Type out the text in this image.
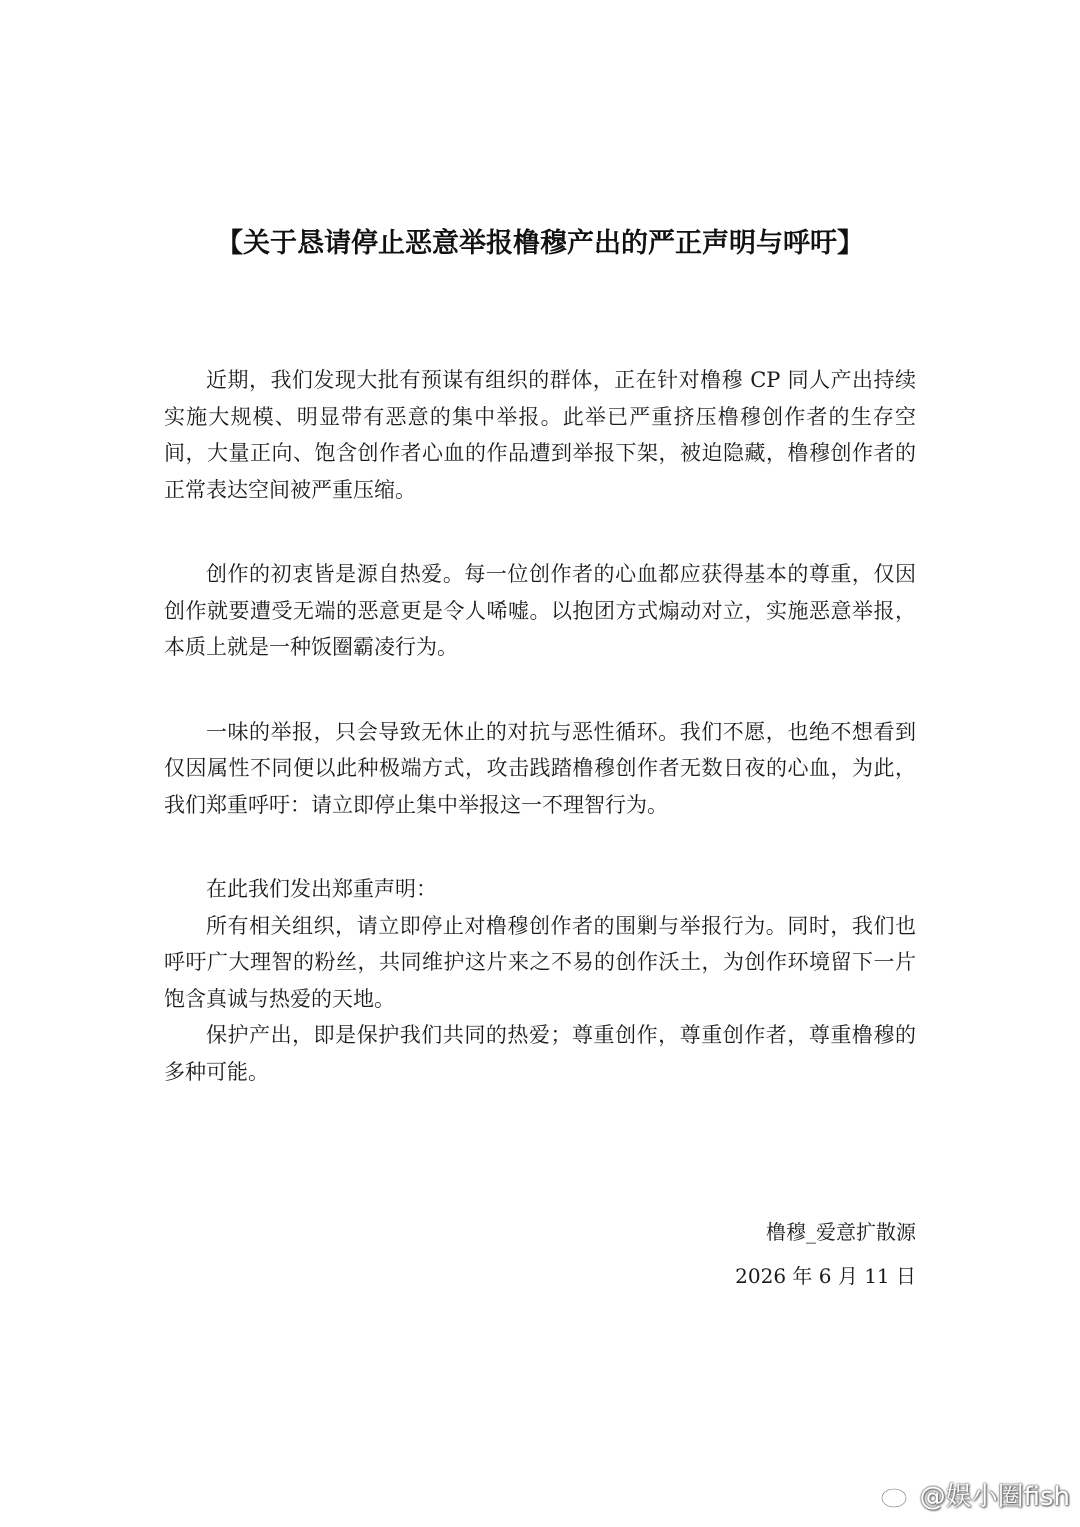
【关于恳请停止恶意举报橹穆产出的严正声明与呼吁】

近期，我们发现大批有预谋有组织的群体，正在针对橹穆 CP 同人产出持续实施大规模、明显带有恶意的集中举报。此举已严重挤压橹穆创作者的生存空间，大量正向、饱含创作者心血的作品遭到举报下架，被迫隐藏，橹穆创作者的正常表达空间被严重压缩。

创作的初衷皆是源自热爱。每一位创作者的心血都应获得基本的尊重，仅因创作就要遭受无端的恶意更是令人唏嘘。以抱团方式煽动对立，实施恶意举报，本质上就是一种饭圈霸凌行为。

一味的举报，只会导致无休止的对抗与恶性循环。我们不愿，也绝不想看到仅因属性不同便以此种极端方式，攻击践踏橹穆创作者无数日夜的心血，为此，我们郑重呼吁：请立即停止集中举报这一不理智行为。

在此我们发出郑重声明：

所有相关组织，请立即停止对橹穆创作者的围剿与举报行为。同时，我们也呼吁广大理智的粉丝，共同维护这片来之不易的创作沃土，为创作环境留下一片饱含真诚与热爱的天地。

保护产出，即是保护我们共同的热爱；尊重创作，尊重创作者，尊重橹穆的多种可能。

橹穆_爱意扩散源
2026 年 6 月 11 日
@娱小圈fish
